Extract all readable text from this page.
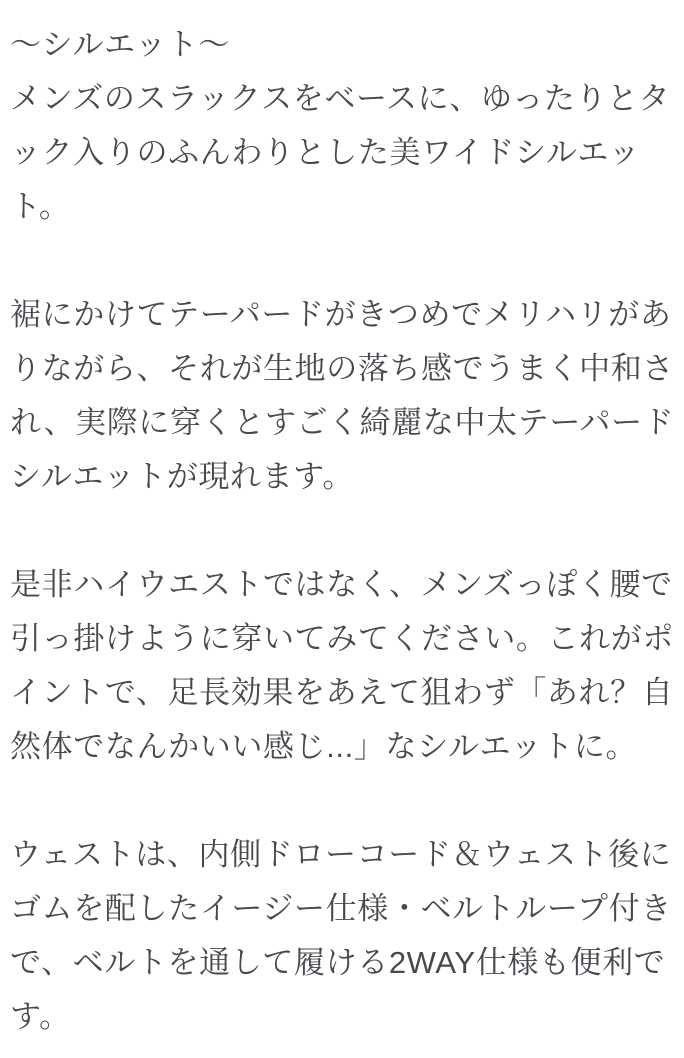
〜シルエット〜

メンズのスラックスをベースに、ゆったりとタ
ック入りのふんわりとした美ワイドシルエッ
ト。

裾にかけてテーパードがきつめでメリハリがあ
りながら、それが生地の落ち感でうまく中和さ
れ、実際に穿くとすごく綺麗な中太テーパード
シルエットが現れます。

是非ハイウエストではなく、メンズっぽく腰で
引っ掛けように穿いてみてください。これがポ
イントで、足長効果をあえて狙わず「あれ？自
然体でなんかいい感じ...」なシルエットに。

ウェストは、内側ドローコード＆ウェスト後に
ゴムを配したイージー仕様・ベルトループ付き
で、ベルトを通して履ける2WAY仕様も便利で
す。
